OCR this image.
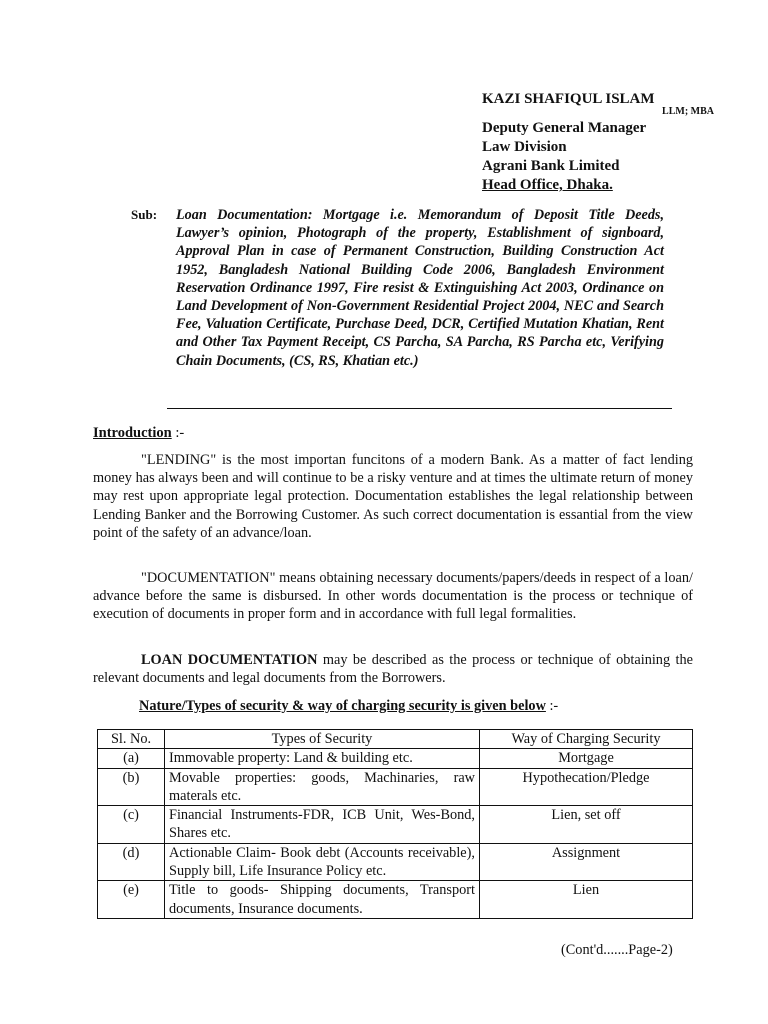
KAZI SHAFIQUL ISLAM
LLM; MBA
Deputy General Manager
Law Division
Agrani Bank Limited
Head Office, Dhaka.
Sub: Loan Documentation: Mortgage i.e. Memorandum of Deposit Title Deeds, Lawyer’s opinion, Photograph of the property, Establishment of signboard, Approval Plan in case of Permanent Construction, Building Construction Act 1952, Bangladesh National Building Code 2006, Bangladesh Environment Reservation Ordinance 1997, Fire resist & Extinguishing Act 2003, Ordinance on Land Development of Non-Government Residential Project 2004, NEC and Search Fee, Valuation Certificate, Purchase Deed, DCR, Certified Mutation Khatian, Rent and Other Tax Payment Receipt, CS Parcha, SA Parcha, RS Parcha etc, Verifying Chain Documents, (CS, RS, Khatian etc.)
Introduction :-

"LENDING" is the most importan funcitons of a modern Bank. As a matter of fact lending money has always been and will continue to be a risky venture and at times the ultimate return of money may rest upon appropriate legal protection. Documentation establishes the legal relationship between Lending Banker and the Borrowing Customer. As such correct documentation is essantial from the view point of the safety of an advance/loan.

"DOCUMENTATION" means obtaining necessary documents/papers/deeds in respect of a loan/ advance before the same is disbursed. In other words documentation is the process or technique of execution of documents in proper form and in accordance with full legal formalities.

LOAN DOCUMENTATION may be described as the process or technique of obtaining the relevant documents and legal documents from the Borrowers.

Nature/Types of security & way of charging security is given below :-
Sl. No.	Types of Security	Way of Charging Security
(a)	Immovable property: Land & building etc.	Mortgage
(b)	Movable properties: goods, Machinaries, raw materals etc.	Hypothecation/Pledge
(c)	Financial Instruments-FDR, ICB Unit, Wes-Bond, Shares etc.	Lien, set off
(d)	Actionable Claim- Book debt (Accounts receivable), Supply bill, Life Insurance Policy etc.	Assignment
(e)	Title to goods- Shipping documents, Transport documents, Insurance documents.	Lien
(Cont'd.......Page-2)
